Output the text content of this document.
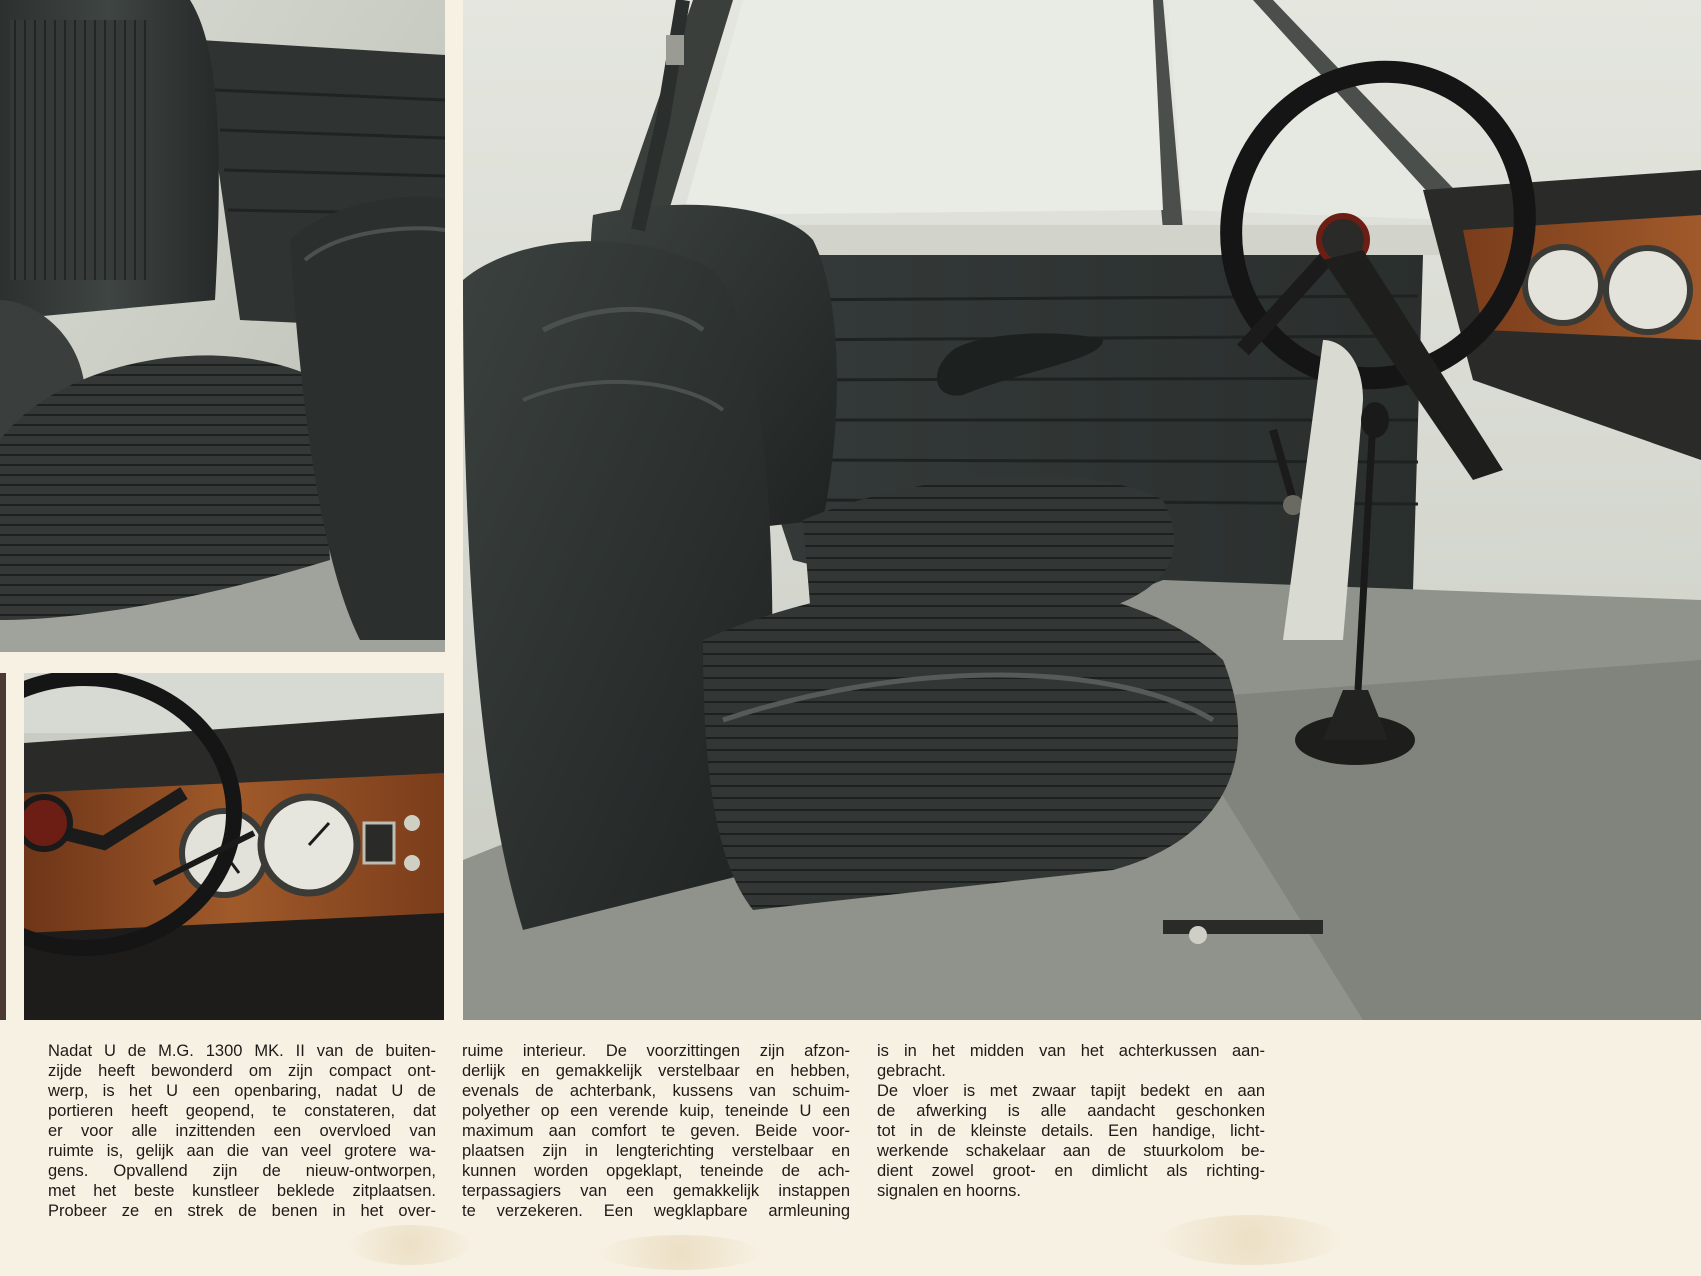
Nadat U de M.G. 1300 MK. II van de buiten-
zijde heeft bewonderd om zijn compact ont-
werp, is het U een openbaring, nadat U de
portieren heeft geopend, te constateren, dat
er voor alle inzittenden een overvloed van
ruimte is, gelijk aan die van veel grotere wa-
gens. Opvallend zijn de nieuw-ontworpen,
met het beste kunstleer beklede zitplaatsen.
Probeer ze en strek de benen in het over-
ruime interieur. De voorzittingen zijn afzon-
derlijk en gemakkelijk verstelbaar en hebben,
evenals de achterbank, kussens van schuim-
polyether op een verende kuip, teneinde U een
maximum aan comfort te geven. Beide voor-
plaatsen zijn in lengterichting verstelbaar en
kunnen worden opgeklapt, teneinde de ach-
terpassagiers van een gemakkelijk instappen
te verzekeren. Een wegklapbare armleuning
is in het midden van het achterkussen aan-
gebracht.
De vloer is met zwaar tapijt bedekt en aan
de afwerking is alle aandacht geschonken
tot in de kleinste details. Een handige, licht-
werkende schakelaar aan de stuurkolom be-
dient zowel groot- en dimlicht als richting-
signalen en hoorns.
